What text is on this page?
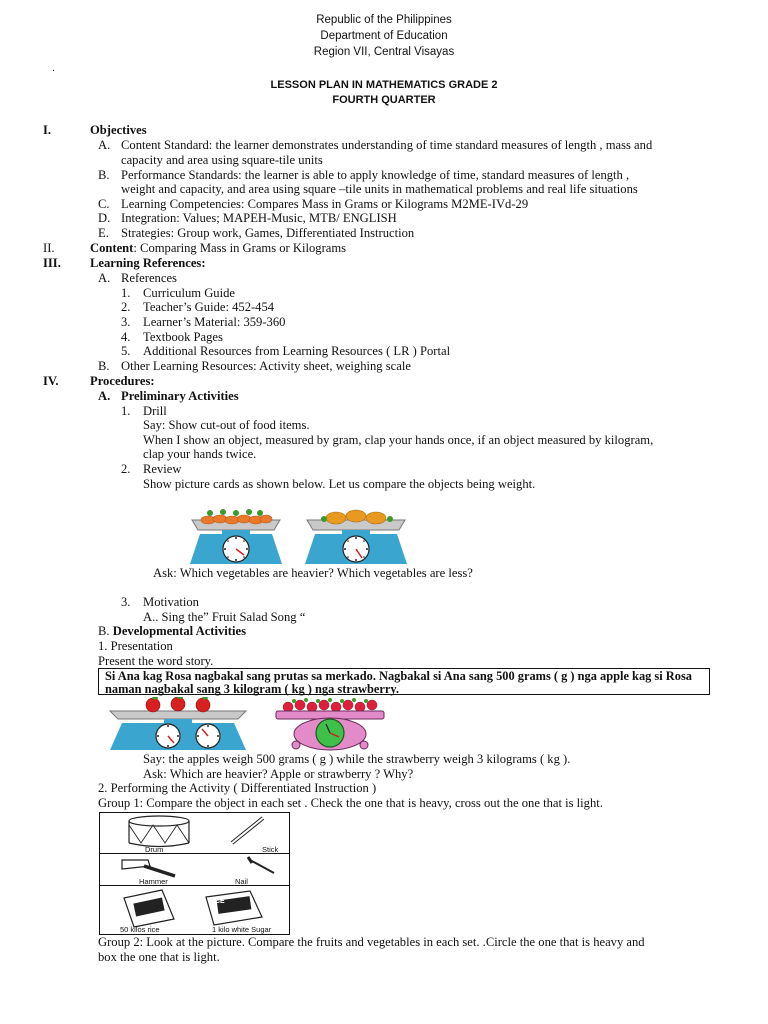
Republic of the Philippines
Department of Education
Region VII, Central Visayas
.
LESSON PLAN IN MATHEMATICS GRADE 2
FOURTH QUARTER
I.	Objectives
A. Content Standard: the learner demonstrates understanding of time standard measures of length , mass and
capacity and area using square-tile units
B. Performance Standards: the learner is able to apply knowledge of time, standard measures of length ,
weight and capacity, and area using square –tile units in mathematical problems and real life situations
C. Learning Competencies: Compares Mass in Grams or Kilograms M2ME-IVd-29
D. Integration: Values; MAPEH-Music, MTB/ ENGLISH
E. Strategies: Group work, Games, Differentiated Instruction
II.	Content: Comparing Mass in Grams or Kilograms
III. Learning References:
A. References
1. Curriculum Guide
2. Teacher’s Guide: 452-454
3. Learner’s Material: 359-360
4. Textbook Pages
5. Additional Resources from Learning Resources ( LR ) Portal
B. Other Learning Resources: Activity sheet, weighing scale
IV. Procedures:
A. Preliminary Activities
1. Drill
Say: Show cut-out of food items.
When I show an object, measured by gram, clap your hands once, if an object measured by kilogram,
clap your hands twice.
2. Review
Show picture cards as shown below. Let us compare the objects being weight.
Ask: Which vegetables are heavier? Which vegetables are less?
3. Motivation
A.. Sing the” Fruit Salad Song “
B. Developmental Activities
1. Presentation
Present the word story.
Si Ana kag Rosa nagbakal sang prutas sa merkado. Nagbakal si Ana sang 500 grams ( g ) nga apple kag si Rosa naman nagbakal sang 3 kilogram ( kg ) nga strawberry.
Say: the apples weigh 500 grams ( g ) while the strawberry weigh 3 kilograms ( kg ).
Ask: Which are heavier? Apple or strawberry ? Why?
2. Performing the Activity ( Differentiated Instruction )
Group 1: Compare the object in each set . Check the one that is heavy, cross out the one that is light.
RICE	SUGAR
Drum	Stick
Hammer	Nail
50 kilos rice	1 kilo white Sugar
Group 2: Look at the picture. Compare the fruits and vegetables in each set. .Circle the one that is heavy and
box the one that is light.
